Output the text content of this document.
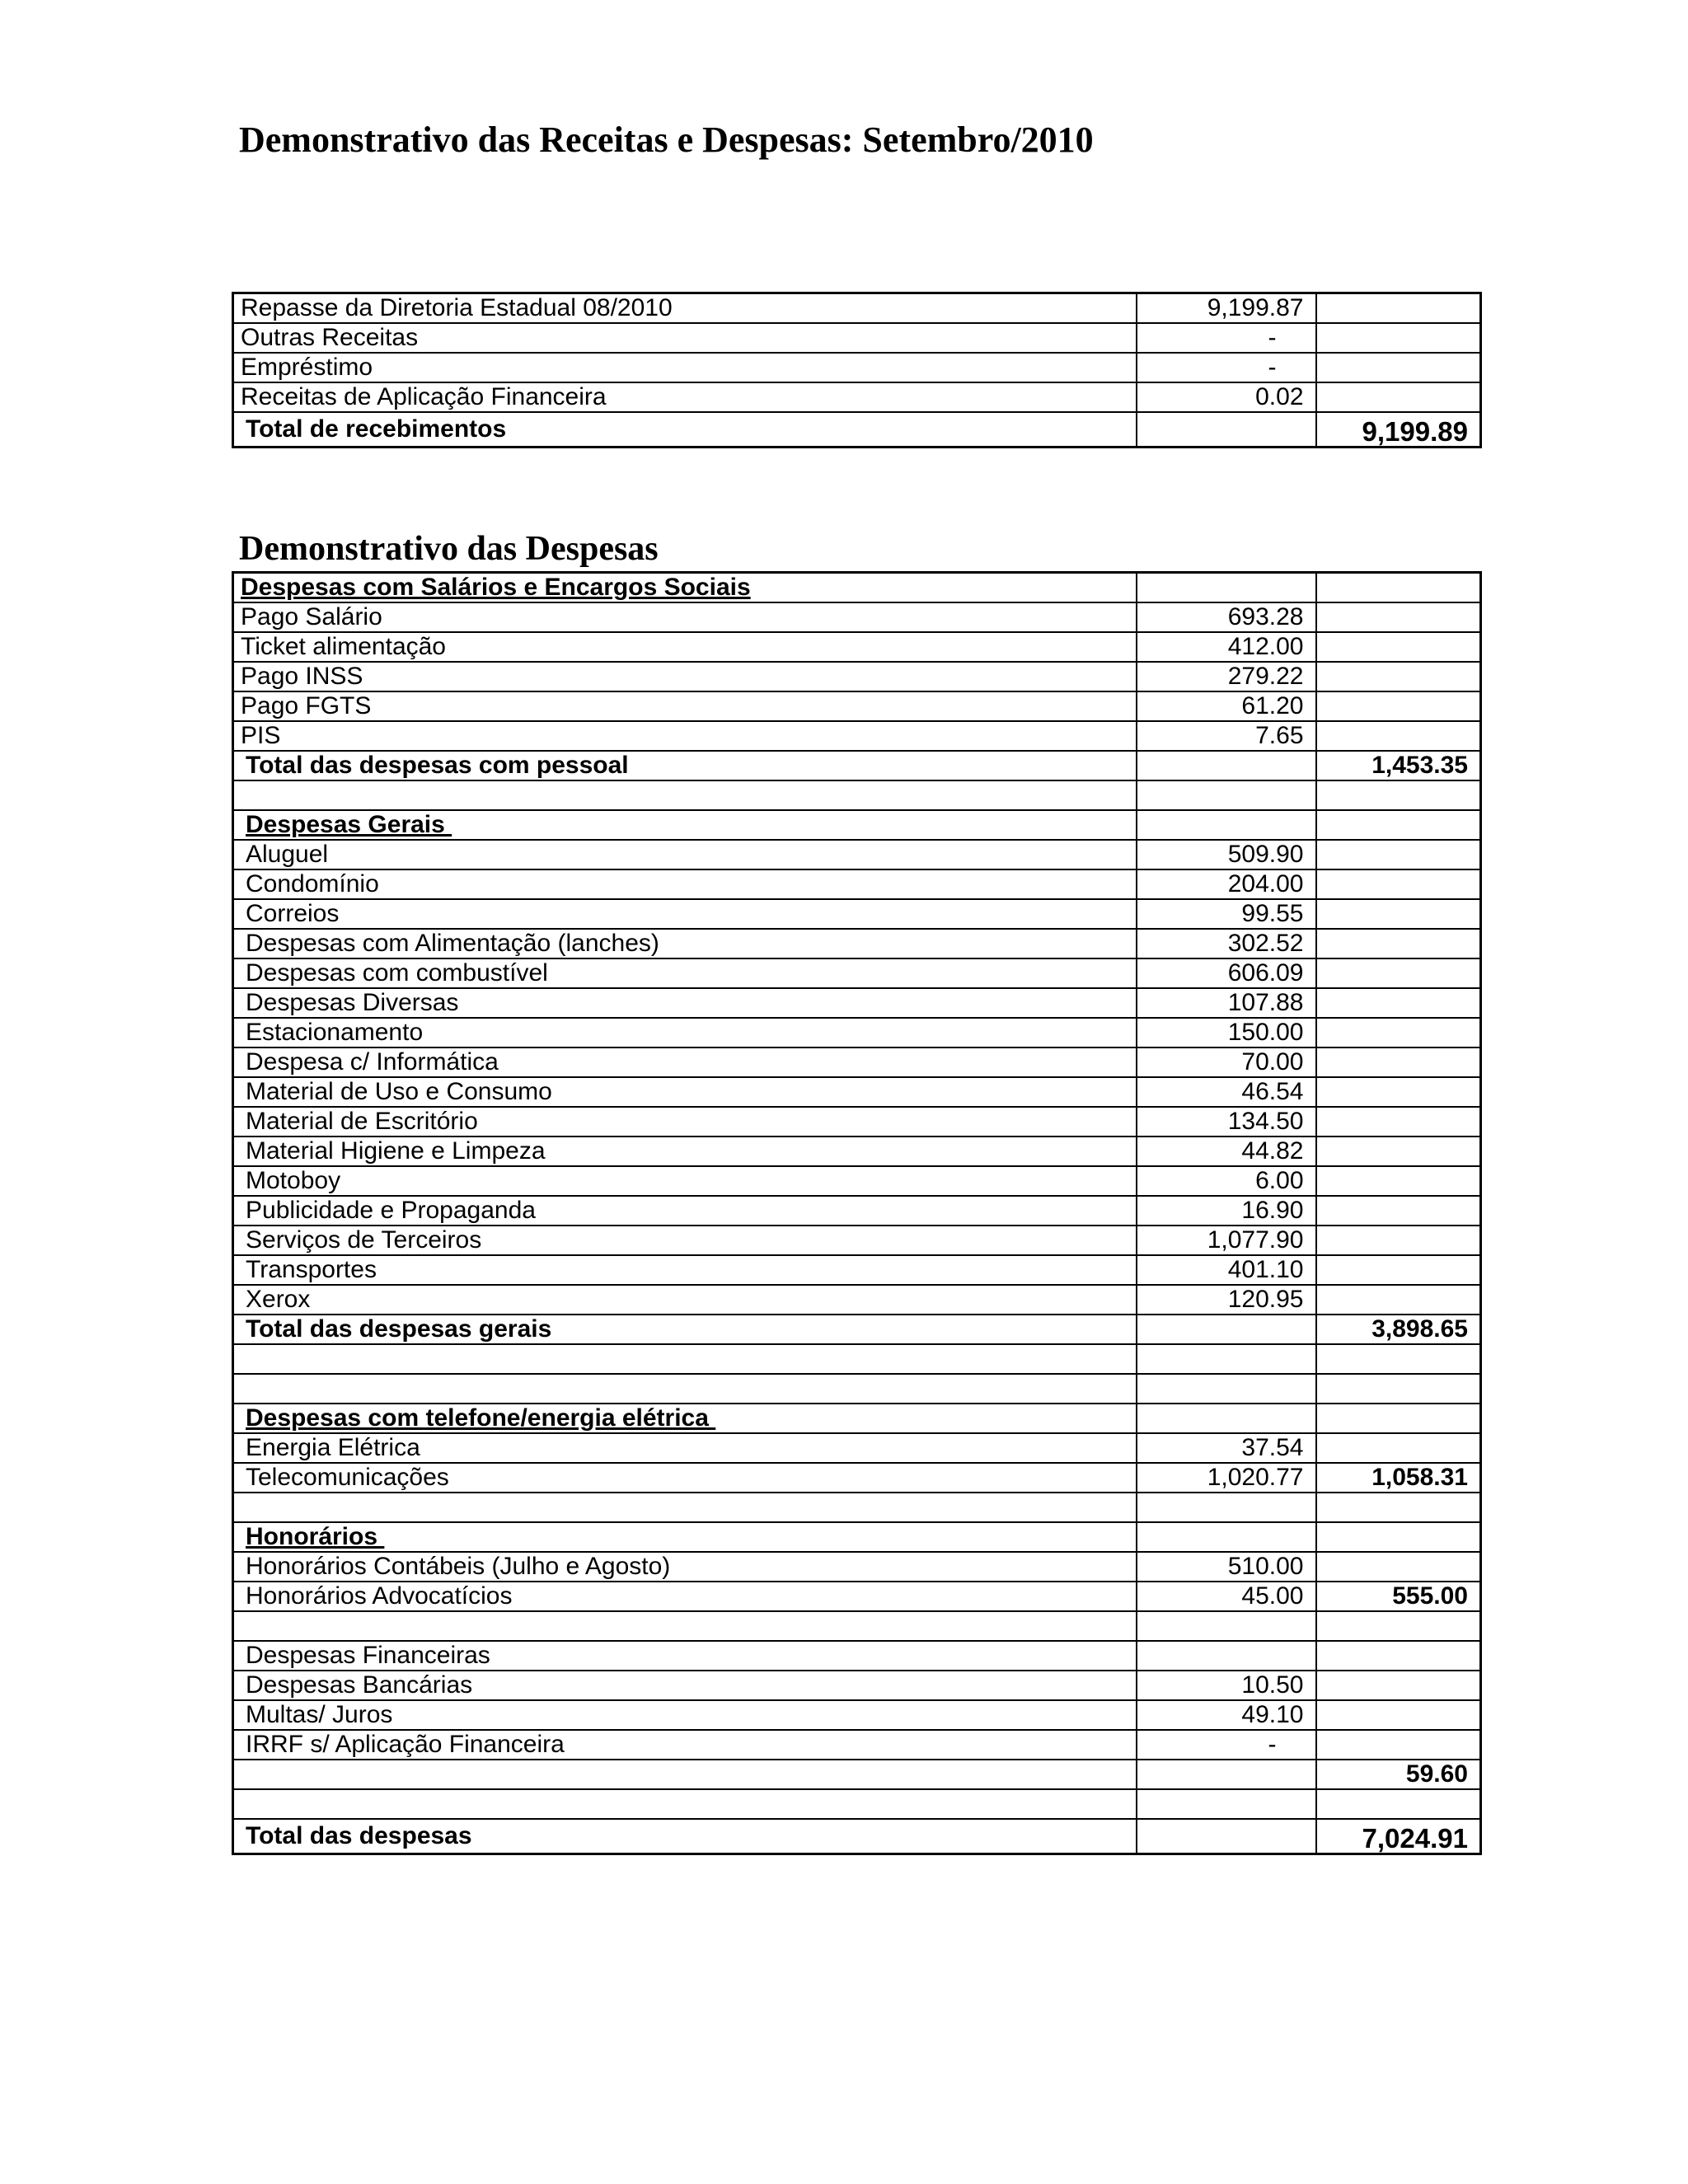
Demonstrativo das Receitas e Despesas: Setembro/2010
Repasse da Diretoria Estadual 08/2010	9,199.87	
Outras Receitas	-	
Empréstimo	-	
Receitas de Aplicação Financeira	0.02	
Total de recebimentos		9,199.89
Demonstrativo das Despesas
Despesas com Salários e Encargos Sociais		
Pago Salário	693.28	
Ticket alimentação	412.00	
Pago INSS	279.22	
Pago FGTS	61.20	
PIS	7.65	
Total das despesas com pessoal		1,453.35

Despesas Gerais		
Aluguel	509.90	
Condomínio	204.00	
Correios	99.55	
Despesas com Alimentação (lanches)	302.52	
Despesas com combustível	606.09	
Despesas Diversas	107.88	
Estacionamento	150.00	
Despesa c/ Informática	70.00	
Material de Uso e Consumo	46.54	
Material de Escritório	134.50	
Material Higiene e Limpeza	44.82	
Motoboy	6.00	
Publicidade e Propaganda	16.90	
Serviços de Terceiros	1,077.90	
Transportes	401.10	
Xerox	120.95	
Total das despesas gerais		3,898.65

Despesas com telefone/energia elétrica		
Energia Elétrica	37.54	
Telecomunicações	1,020.77	1,058.31

Honorários		
Honorários Contábeis (Julho e Agosto)	510.00	
Honorários Advocatícios	45.00	555.00

Despesas Financeiras		
Despesas Bancárias	10.50	
Multas/ Juros	49.10	
IRRF s/ Aplicação Financeira	-	
		59.60

Total das despesas		7,024.91
